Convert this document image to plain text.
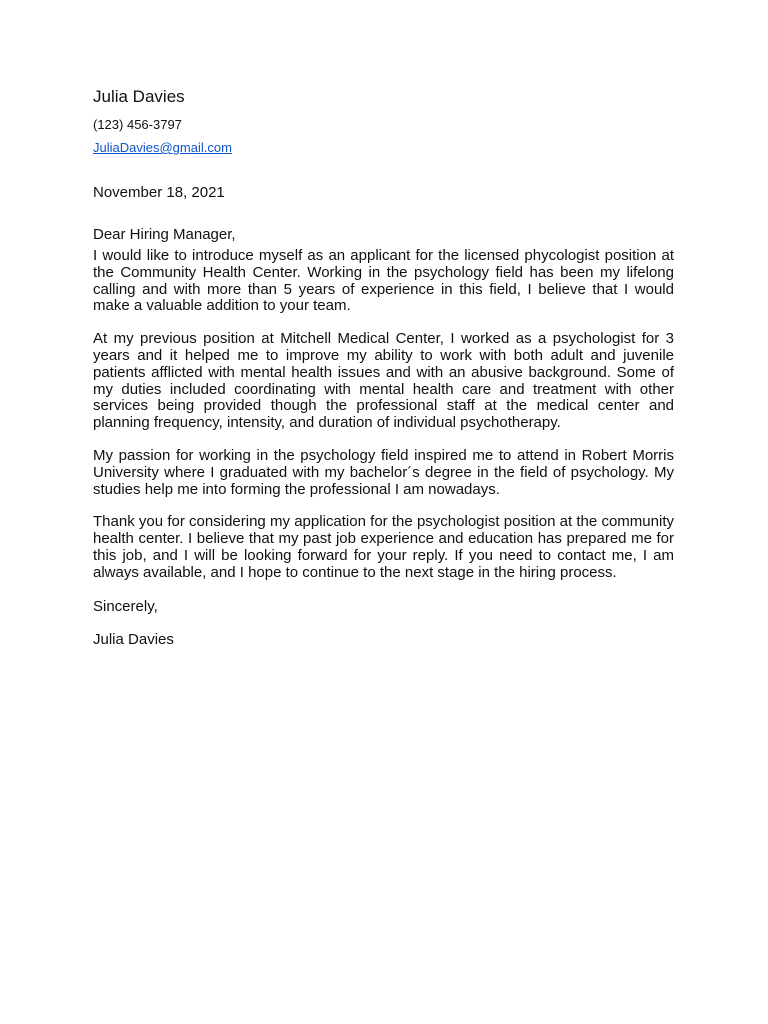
Julia Davies
(123) 456-3797
JuliaDavies@gmail.com
November 18, 2021
Dear Hiring Manager,

I would like to introduce myself as an applicant for the licensed phycologist position at the Community Health Center. Working in the psychology field has been my lifelong calling and with more than 5 years of experience in this field, I believe that I would make a valuable addition to your team.

At my previous position at Mitchell Medical Center, I worked as a psychologist for 3 years and it helped me to improve my ability to work with both adult and juvenile patients afflicted with mental health issues and with an abusive background. Some of my duties included coordinating with mental health care and treatment with other services being provided though the professional staff at the medical center and planning frequency, intensity, and duration of individual psychotherapy.

My passion for working in the psychology field inspired me to attend in Robert Morris University where I graduated with my bachelor´s degree in the field of psychology. My studies help me into forming the professional I am nowadays.

Thank you for considering my application for the psychologist position at the community health center. I believe that my past job experience and education has prepared me for this job, and I will be looking forward for your reply. If you need to contact me, I am always available, and I hope to continue to the next stage in the hiring process.

Sincerely,
Julia Davies
